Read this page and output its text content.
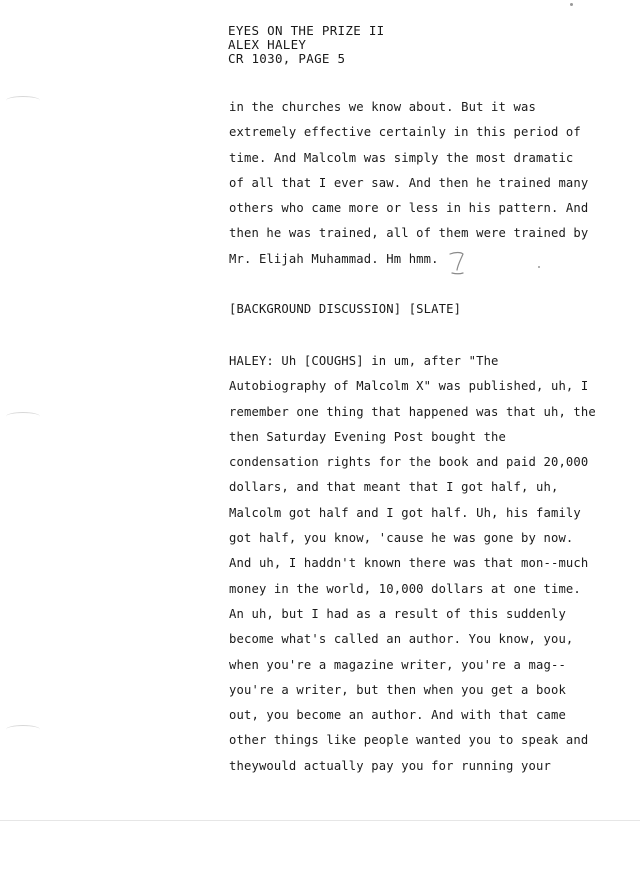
EYES ON THE PRIZE II
ALEX HALEY
CR 1030, PAGE 5
in the churches we know about. But it was
extremely effective certainly in this period of
time. And Malcolm was simply the most dramatic
of all that I ever saw. And then he trained many
others who came more or less in his pattern. And
then he was trained, all of them were trained by
Mr. Elijah Muhammad. Hm hmm.
[BACKGROUND DISCUSSION] [SLATE]
HALEY: Uh [COUGHS] in um, after "The
Autobiography of Malcolm X" was published, uh, I
remember one thing that happened was that uh, the
then Saturday Evening Post bought the
condensation rights for the book and paid 20,000
dollars, and that meant that I got half, uh,
Malcolm got half and I got half. Uh, his family
got half, you know, 'cause he was gone by now.
And uh, I haddn't known there was that mon--much
money in the world, 10,000 dollars at one time.
An uh, but I had as a result of this suddenly
become what's called an author. You know, you,
when you're a magazine writer, you're a mag--
you're a writer, but then when you get a book
out, you become an author. And with that came
other things like people wanted you to speak and
theywould actually pay you for running your
